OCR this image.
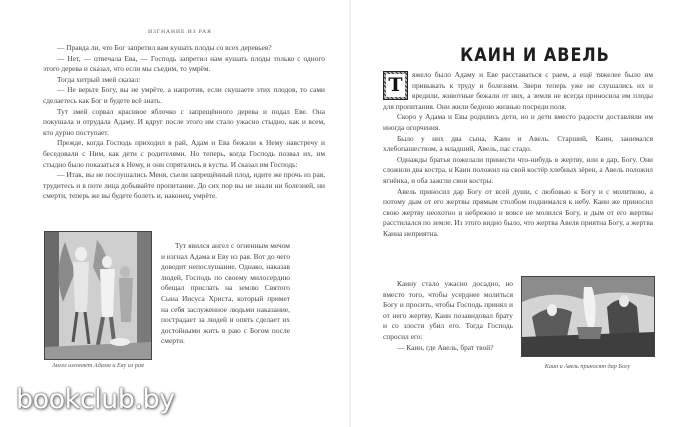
ИЗГНАНИЕ ИЗ РАЯ

— Правда ли, что Бог запретил вам кушать плоды со всех деревьев?

— Нет, — отвечала Ева, — Господь запретил нам кушать плоды только с одного этого дерева и сказал, что если мы съедим, то умрём.

Тогда хитрый змей сказал:

— Не верьте Богу, вы не умрёте, а напротив, если скушаете этих плодов, то сами сделаетесь как Бог и будете всё знать.

Тут змей сорвал красивое яблочко с запрещённого дерева и подал Еве. Она покушала и отрудала Адаму. И вдруг после этого им стало ужасно стыдно, как и всем, кто дурно поступает.

Прежде, когда Господь приходил в рай, Адам и Ева бежали к Нему навстречу и беседовали с Ним, как дети с родителями. Но теперь, когда Господь позвал их, им стыдно было показаться к Нему, и они спрятались в кусты. И сказал им Господь:

— Итак, вы не послушались Меня, съели запрещённый плод, идите же прочь из рая, трудитесь и в поте лица добывайте пропитание. До сих пор вы не знали ни болезней, ни смерти, теперь же вы будете болеть и, наконец, умрёте.

Ангел изгоняет Адама и Еву из рая

Тут явился ангел с огненным мечом и изгнал Адама и Еву из рая. Вот до чего доводит непослушание. Однако, наказав людей, Господь по своему милосердию обещал прислать на землю Святого Сына Иисуса Христа, который примет на себя заслуженное людьми наказание, пострадает за людей и опять сделает их достойными жить в раю с Богом после смерти.

КАИН И АВЕЛЬ

Т	яжело было Адаму и Еве расставаться с раем, а ещё тяжелее было им привыкать к труду и болезням. Звери теперь уже не слушались их и вредили, животные бежали от них, а земля не всегда приносила им плоды для пропитания. Они жили бедною жизнью посреди поля.

Скоро у Адама и Евы родились дети, но и дети вместо радости доставляли им иногда огорчения.

Было у них два сына, Каин и Авель. Старший, Каин, занимался хлебопашеством, а младший, Авель, пас стадо.

Однажды братья пожелали принести что-нибудь в жертву, или в дар, Богу. Они сложили два костра, и Каин положил на свой костёр хлебных зёрен, а Авель положил ягнёнка, и оба зажгли свои костры.

Авель приносил дар Богу от всей души, с любовью к Богу и с молитвою, а потому дым от его жертвы прямым столбом поднимался к небу. Каин же приносил свою жертву неохотно и небрежно и вовсе не молился Богу, и дым от его жертвы расстилался по земле. Из этого видно было, что жертва Авеля приятна Богу, а жертва Каина неприятна.

Каину стало ужасно досадно, но вместо того, чтобы усерднее молиться Богу и просить, чтобы Господь принял и от него жертву, Каин позавидовал брату и со злости убил его. Тогда Господь спросил его:

— Каин, где Авель, брат твой?

Каин и Авель приносят дар Богу
bookclub.by
